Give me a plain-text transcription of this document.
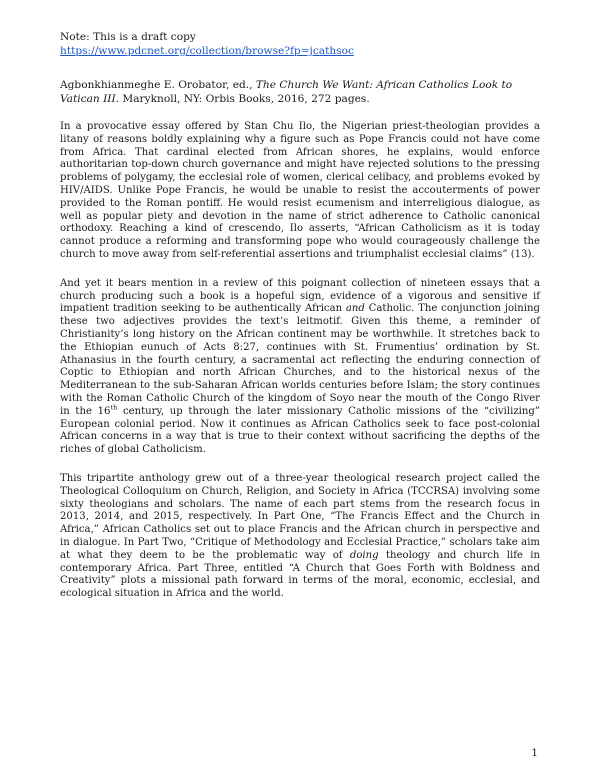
Note: This is a draft copy

https://www.pdcnet.org/collection/browse?fp=jcathsoc

Agbonkhianmeghe E. Orobator, ed., The Church We Want: African Catholics Look to Vatican III. Maryknoll, NY: Orbis Books, 2016, 272 pages.

In a provocative essay offered by Stan Chu Ilo, the Nigerian priest-theologian provides a litany of reasons boldly explaining why a figure such as Pope Francis could not have come from Africa. That cardinal elected from African shores, he explains, would enforce authoritarian top-down church governance and might have rejected solutions to the pressing problems of polygamy, the ecclesial role of women, clerical celibacy, and problems evoked by HIV/AIDS. Unlike Pope Francis, he would be unable to resist the accouterments of power provided to the Roman pontiff. He would resist ecumenism and interreligious dialogue, as well as popular piety and devotion in the name of strict adherence to Catholic canonical orthodoxy. Reaching a kind of crescendo, Ilo asserts, “African Catholicism as it is today cannot produce a reforming and transforming pope who would courageously challenge the church to move away from self-referential assertions and triumphalist ecclesial claims” (13).

And yet it bears mention in a review of this poignant collection of nineteen essays that a church producing such a book is a hopeful sign, evidence of a vigorous and sensitive if impatient tradition seeking to be authentically African and Catholic. The conjunction joining these two adjectives provides the text’s leitmotif. Given this theme, a reminder of Christianity’s long history on the African continent may be worthwhile. It stretches back to the Ethiopian eunuch of Acts 8:27, continues with St. Frumentius’ ordination by St. Athanasius in the fourth century, a sacramental act reflecting the enduring connection of Coptic to Ethiopian and north African Churches, and to the historical nexus of the Mediterranean to the sub-Saharan African worlds centuries before Islam; the story continues with the Roman Catholic Church of the kingdom of Soyo near the mouth of the Congo River in the 16th century, up through the later missionary Catholic missions of the “civilizing” European colonial period. Now it continues as African Catholics seek to face post-colonial African concerns in a way that is true to their context without sacrificing the depths of the riches of global Catholicism.

This tripartite anthology grew out of a three-year theological research project called the Theological Colloquium on Church, Religion, and Society in Africa (TCCRSA) involving some sixty theologians and scholars. The name of each part stems from the research focus in 2013, 2014, and 2015, respectively. In Part One, “The Francis Effect and the Church in Africa,” African Catholics set out to place Francis and the African church in perspective and in dialogue. In Part Two, “Critique of Methodology and Ecclesial Practice,” scholars take aim at what they deem to be the problematic way of doing theology and church life in contemporary Africa. Part Three, entitled “A Church that Goes Forth with Boldness and Creativity” plots a missional path forward in terms of the moral, economic, ecclesial, and ecological situation in Africa and the world.

1
